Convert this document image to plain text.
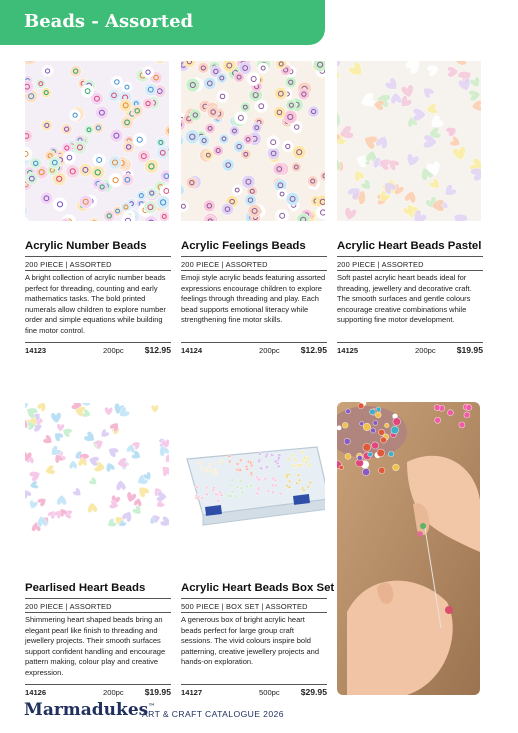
Beads - Assorted
Acrylic Number Beads
200 PIECE | ASSORTED
A bright collection of acrylic number beads perfect for threading, counting and early mathematics tasks. The bold printed numerals allow children to explore number order and simple equations while building fine motor control.
14123	200pc $12.95
Acrylic Feelings Beads
200 PIECE | ASSORTED
Emoji style acrylic beads featuring assorted expressions encourage children to explore feelings through threading and play. Each bead supports emotional literacy while strengthening fine motor skills.
14124	200pc $12.95
Acrylic Heart Beads Pastel
200 PIECE | ASSORTED
Soft pastel acrylic heart beads ideal for threading, jewellery and decorative craft. The smooth surfaces and gentle colours encourage creative combinations while supporting fine motor development.
14125	200pc $19.95
Pearlised Heart Beads
200 PIECE | ASSORTED
Shimmering heart shaped beads bring an elegant pearl like finish to threading and jewellery projects. Their smooth surfaces support confident handling and encourage pattern making, colour play and creative expression.
14126	200pc $19.95
Acrylic Heart Beads Box Set
500 PIECE | BOX SET | ASSORTED
A generous box of bright acrylic heart beads perfect for large group craft sessions. The vivid colours inspire bold patterning, creative jewellery projects and hands-on exploration.
14127	500pc $29.95
Marmadukes™
ART & CRAFT CATALOGUE 2026
